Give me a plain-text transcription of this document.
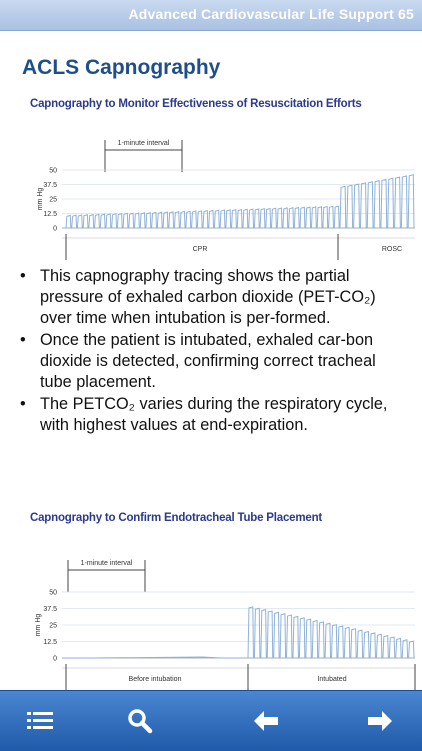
Advanced Cardiovascular Life Support 65
ACLS Capnography
Capnography to Monitor Effectiveness of Resuscitation Efforts
1-minute interval
mm Hg
50
37.5
25
12.5
0
CPR	ROSC
• This capnography tracing shows the partial pressure of exhaled carbon dioxide (PET-CO₂) over time when intubation is per-formed.
• Once the patient is intubated, exhaled car-bon dioxide is detected, confirming correct tracheal tube placement.
• The PETCO₂ varies during the respiratory cycle, with highest values at end-expiration.
Capnography to Confirm Endotracheal Tube Placement
1-minute interval
mm Hg
50
37.5
25
12.5
0
Before intubation	Intubated
